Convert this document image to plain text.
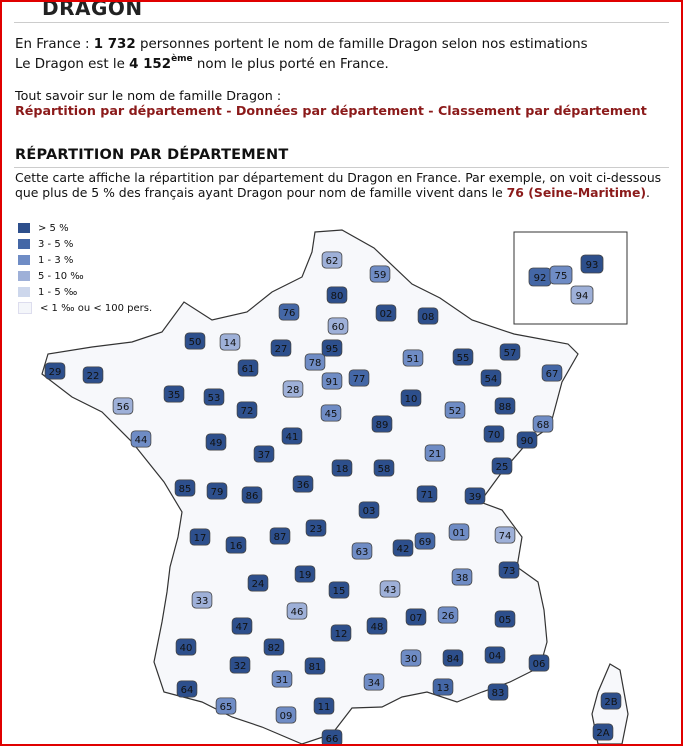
DRAGON
En France : 1 732 personnes portent le nom de famille Dragon selon nos estimations
Le Dragon est le 4 152ème nom le plus porté en France.
Tout savoir sur le nom de famille Dragon :
Répartition par département - Données par département - Classement par département
RÉPARTITION PAR DÉPARTEMENT
Cette carte affiche la répartition par département du Dragon en France. Par exemple, on voit ci-dessous que plus de 5 % des français ayant Dragon pour nom de famille vivent dans le 76 (Seine-Maritime).
> 5 %
3 - 5 %
1 - 3 %
5 - 10 ‰
1 - 5 ‰
< 1 ‰ ou < 100 pers.
62
59
80
02	08
76
60
50 14
27	95
51	55	57
67
29	22
61
78
91 77	54
35	53
28
10
52	88
56	72	45
89	68
44	49
41	70
90
21
37
18	58	25
85 79 86
36
71	39
03
17
16
87
23
63	42
69
01	74
19
24
15	43
38
73
33
46
47
12
48
07 26	05
40	82
30	84	04
06
32	81
34	13	83
64
65
31
09
11
66
2B
2A
93
92 75
94
